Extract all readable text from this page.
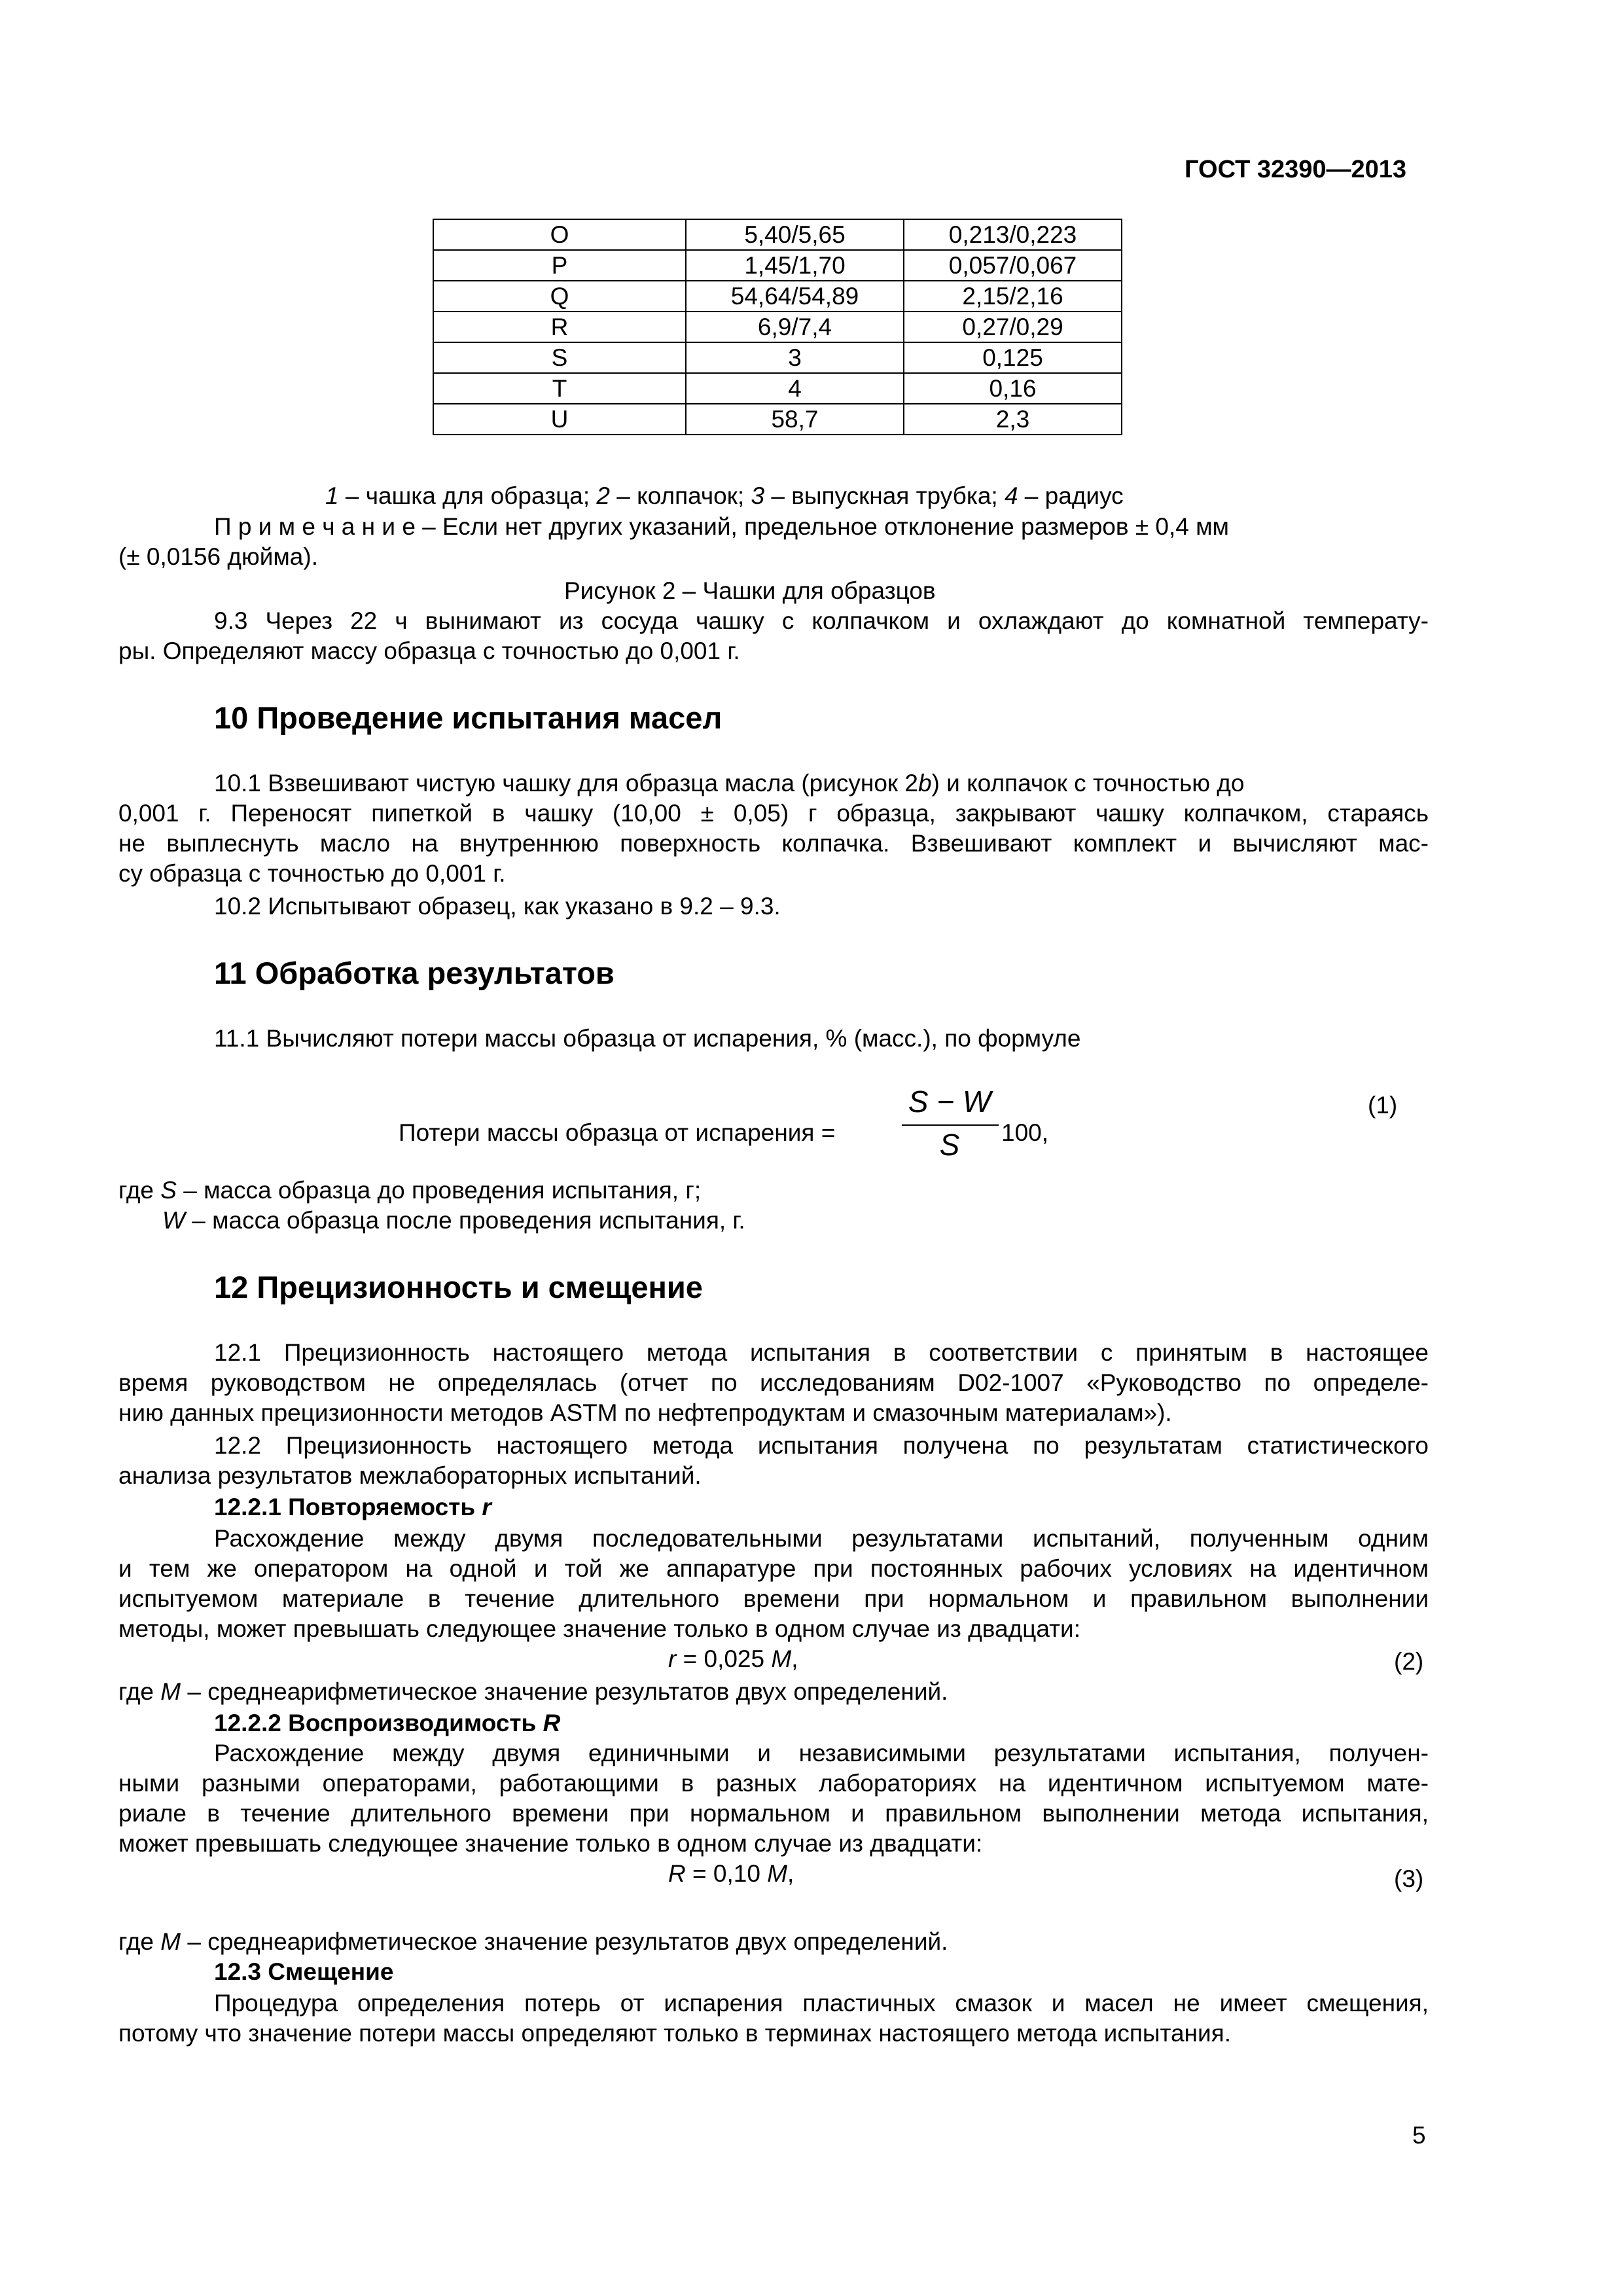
ГОСТ 32390—2013
O	5,40/5,65	0,213/0,223
P	1,45/1,70	0,057/0,067
Q	54,64/54,89	2,15/2,16
R	6,9/7,4	0,27/0,29
S	3	0,125
T	4	0,16
U	58,7	2,3
1 – чашка для образца; 2 – колпачок; 3 – выпускная трубка; 4 – радиус
П р и м е ч а н и е – Если нет других указаний, предельное отклонение размеров ± 0,4 мм
(± 0,0156 дюйма).
Рисунок 2 – Чашки для образцов
9.3 Через 22 ч вынимают из сосуда чашку с колпачком и охлаждают до комнатной температу-
ры. Определяют массу образца с точностью до 0,001 г.
10 Проведение испытания масел
10.1 Взвешивают чистую чашку для образца масла (рисунок 2b) и колпачок с точностью до
0,001 г. Переносят пипеткой в чашку (10,00 ± 0,05) г образца, закрывают чашку колпачком, стараясь
не выплеснуть масло на внутреннюю поверхность колпачка. Взвешивают комплект и вычисляют мас-
су образца с точностью до 0,001 г.
10.2 Испытывают образец, как указано в 9.2 – 9.3.
11 Обработка результатов
11.1 Вычисляют потери массы образца от испарения, % (масс.), по формуле
Потери массы образца от испарения =
S − W
S	100,
(1)
где S – масса образца до проведения испытания, г;
W – масса образца после проведения испытания, г.
12 Прецизионность и смещение
12.1 Прецизионность настоящего метода испытания в соответствии с принятым в настоящее
время руководством не определялась (отчет по исследованиям D02-1007 «Руководство по определе-
нию данных прецизионности методов ASTM по нефтепродуктам и смазочным материалам»).
12.2 Прецизионность настоящего метода испытания получена по результатам статистического
анализа результатов межлабораторных испытаний.
12.2.1 Повторяемость r
Расхождение между двумя последовательными результатами испытаний, полученным одним
и тем же оператором на одной и той же аппаратуре при постоянных рабочих условиях на идентичном
испытуемом материале в течение длительного времени при нормальном и правильном выполнении
методы, может превышать следующее значение только в одном случае из двадцати:
r = 0,025 M,	(2)
где M – среднеарифметическое значение результатов двух определений.
12.2.2 Воспроизводимость R
Расхождение между двумя единичными и независимыми результатами испытания, получен-
ными разными операторами, работающими в разных лабораториях на идентичном испытуемом мате-
риале в течение длительного времени при нормальном и правильном выполнении метода испытания,
может превышать следующее значение только в одном случае из двадцати:
R = 0,10 M,	(3)
где M – среднеарифметическое значение результатов двух определений.
12.3 Смещение
Процедура определения потерь от испарения пластичных смазок и масел не имеет смещения,
потому что значение потери массы определяют только в терминах настоящего метода испытания.
5
